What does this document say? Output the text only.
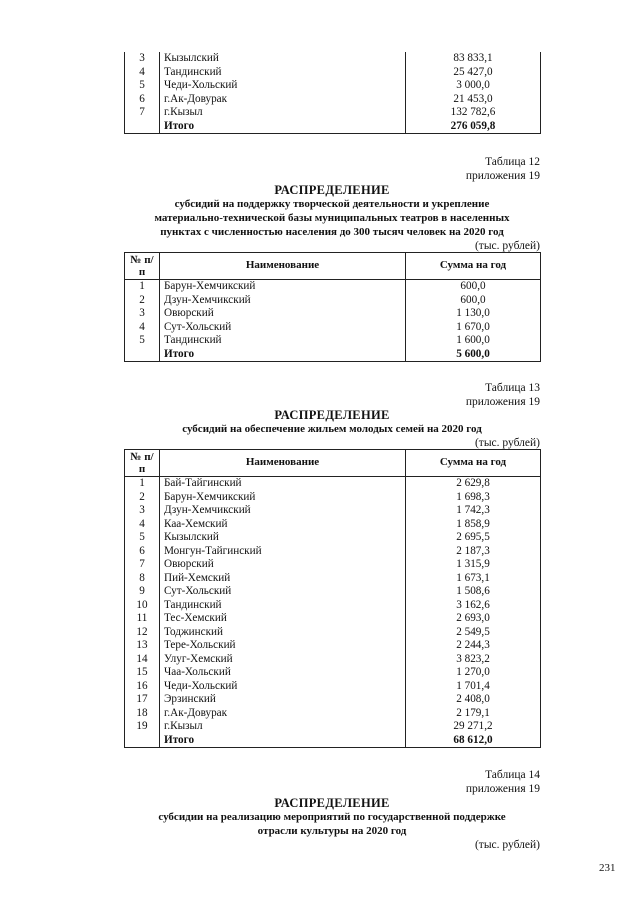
3	Кызылский	83 833,1
4	Тандинский	25 427,0
5	Чеди-Хольский	3 000,0
6	г.Ак-Довурак	21 453,0
7	г.Кызыл	132 782,6
	Итого	276 059,8
Таблица 12
приложения 19
РАСПРЕДЕЛЕНИЕ
субсидий на поддержку творческой деятельности и укрепление
материально-технической базы муниципальных театров в населенных
пунктах с численностью населения до 300 тысяч человек на 2020 год
(тыс. рублей)
№ п/п	Наименование	Сумма на год
1	Барун-Хемчикский	600,0
2	Дзун-Хемчикский	600,0
3	Овюрский	1 130,0
4	Сут-Хольский	1 670,0
5	Тандинский	1 600,0
	Итого	5 600,0
Таблица 13
приложения 19
РАСПРЕДЕЛЕНИЕ
субсидий на обеспечение жильем молодых семей на 2020 год
(тыс. рублей)
№ п/п	Наименование	Сумма на год
1	Бай-Тайгинский	2 629,8
2	Барун-Хемчикский	1 698,3
3	Дзун-Хемчикский	1 742,3
4	Каа-Хемский	1 858,9
5	Кызылский	2 695,5
6	Монгун-Тайгинский	2 187,3
7	Овюрский	1 315,9
8	Пий-Хемский	1 673,1
9	Сут-Хольский	1 508,6
10	Тандинский	3 162,6
11	Тес-Хемский	2 693,0
12	Тоджинский	2 549,5
13	Тере-Хольский	2 244,3
14	Улуг-Хемский	3 823,2
15	Чаа-Хольский	1 270,0
16	Чеди-Хольский	1 701,4
17	Эрзинский	2 408,0
18	г.Ак-Довурак	2 179,1
19	г.Кызыл	29 271,2
	Итого	68 612,0
Таблица 14
приложения 19
РАСПРЕДЕЛЕНИЕ
субсидии на реализацию мероприятий по государственной поддержке
отрасли культуры на 2020 год
(тыс. рублей)
231
